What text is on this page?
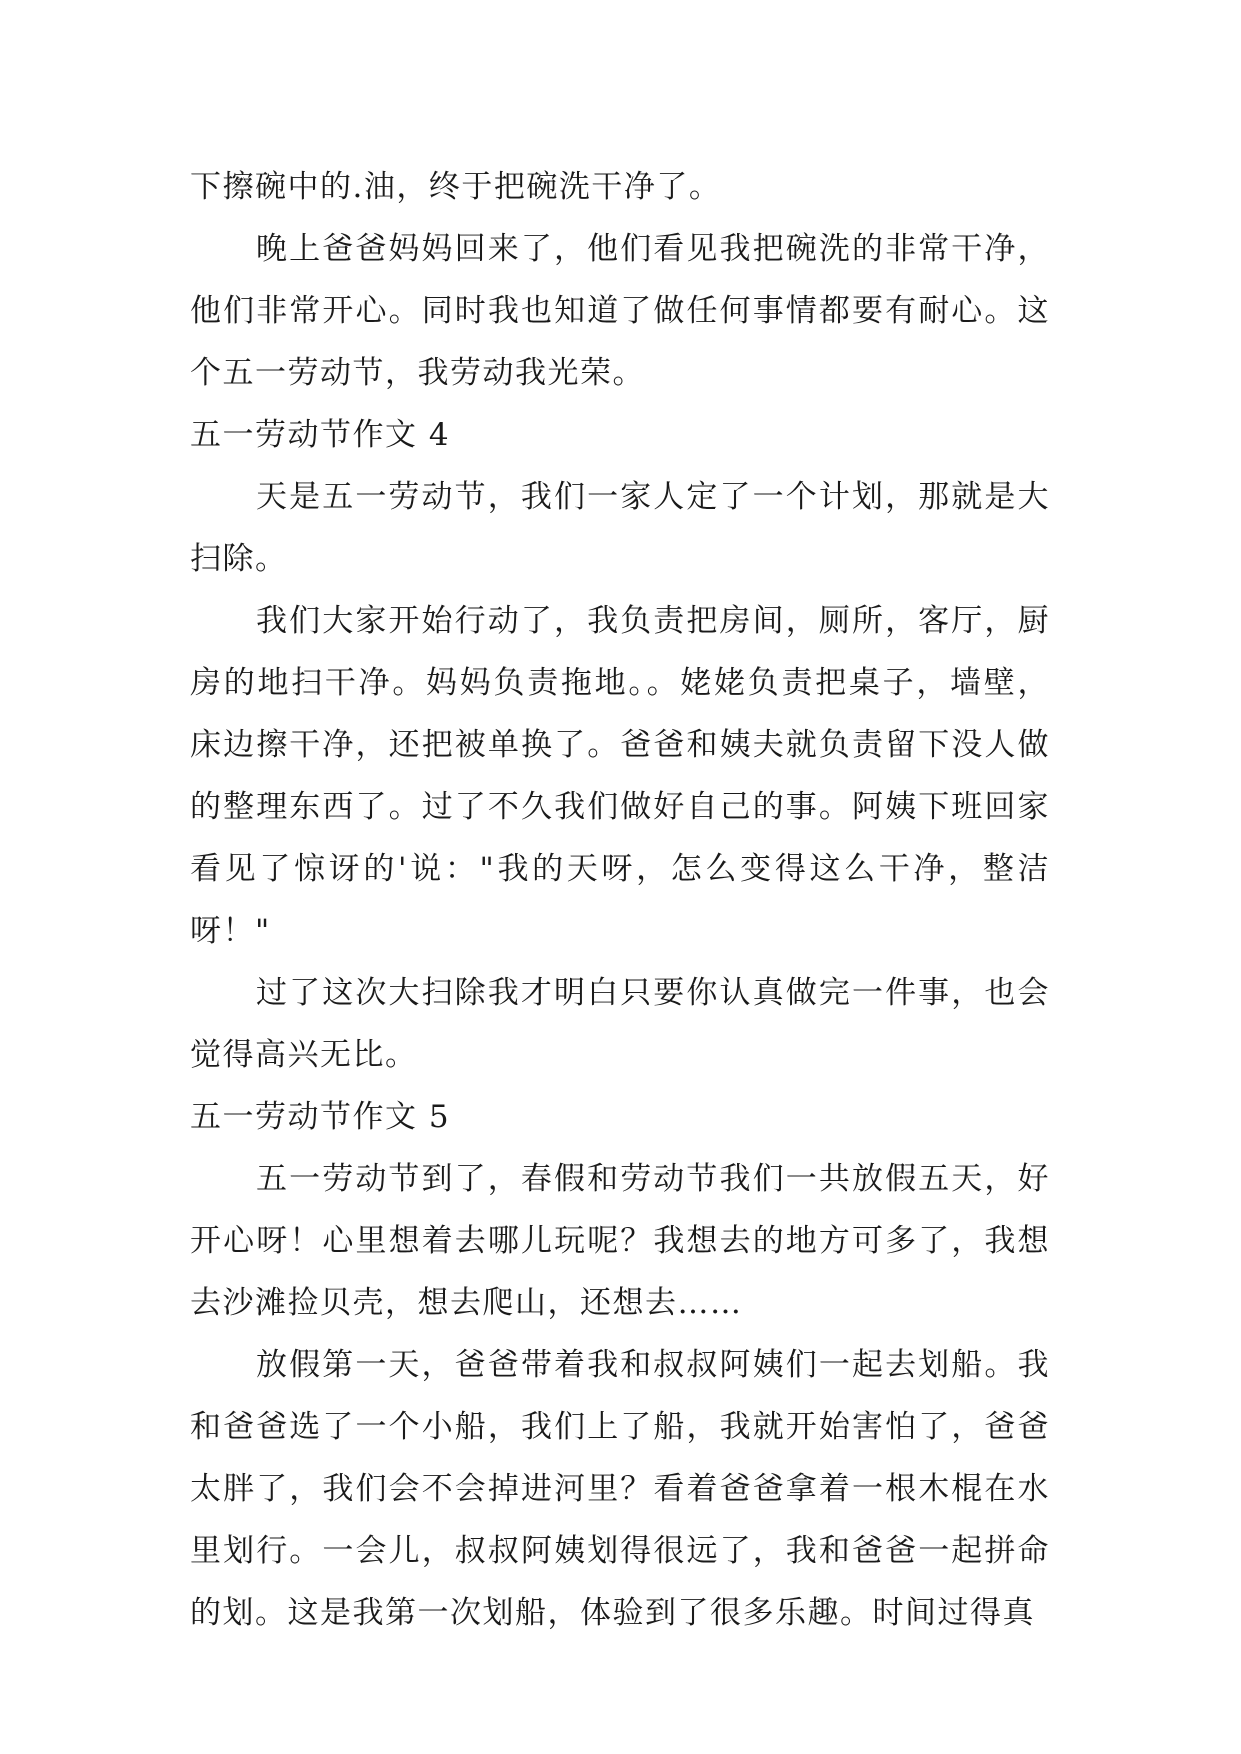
下擦碗中的.油，终于把碗洗干净了。

晚上爸爸妈妈回来了，他们看见我把碗洗的非常干净，他们非常开心。同时我也知道了做任何事情都要有耐心。这个五一劳动节，我劳动我光荣。

五一劳动节作文 4

天是五一劳动节，我们一家人定了一个计划，那就是大扫除。

我们大家开始行动了，我负责把房间，厕所，客厅，厨房的地扫干净。妈妈负责拖地。。姥姥负责把桌子，墙壁，床边擦干净，还把被单换了。爸爸和姨夫就负责留下没人做的整理东西了。过了不久我们做好自己的事。阿姨下班回家看见了惊讶的'说："我的天呀，怎么变得这么干净，整洁呀！"

过了这次大扫除我才明白只要你认真做完一件事，也会觉得高兴无比。

五一劳动节作文 5

五一劳动节到了，春假和劳动节我们一共放假五天，好开心呀！心里想着去哪儿玩呢？我想去的地方可多了，我想去沙滩捡贝壳，想去爬山，还想去……

放假第一天，爸爸带着我和叔叔阿姨们一起去划船。我和爸爸选了一个小船，我们上了船，我就开始害怕了，爸爸太胖了，我们会不会掉进河里？看着爸爸拿着一根木棍在水里划行。一会儿，叔叔阿姨划得很远了，我和爸爸一起拼命的划。这是我第一次划船，体验到了很多乐趣。时间过得真
